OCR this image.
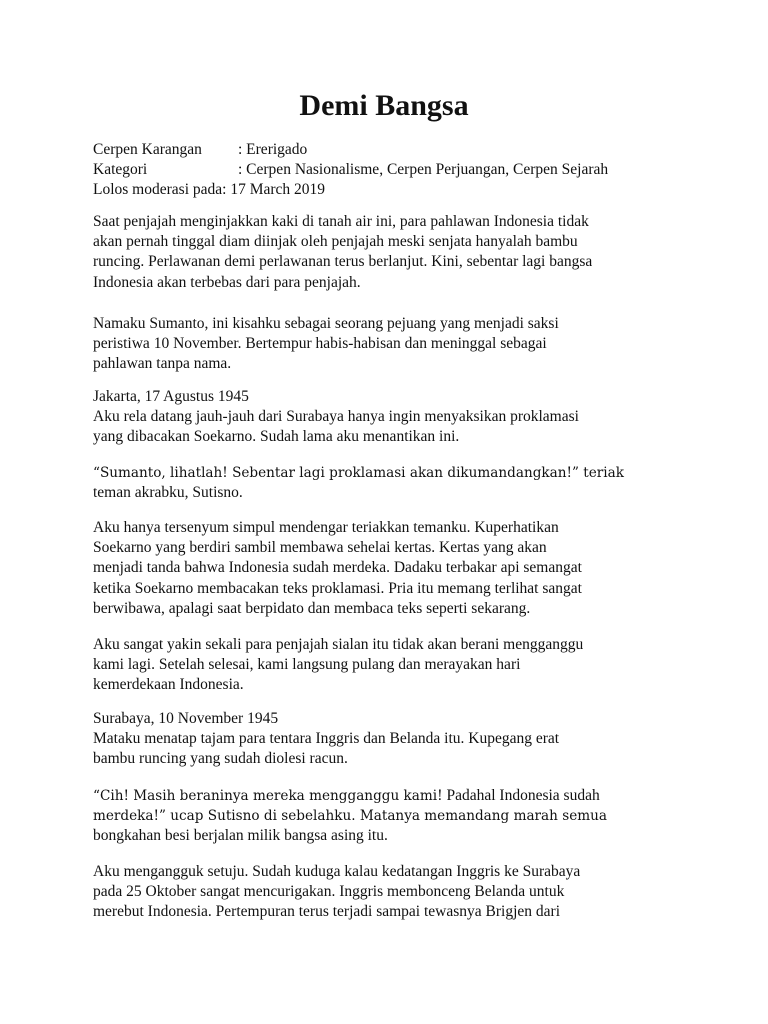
Demi Bangsa
Cerpen Karangan	: Ererigado
Kategori	: Cerpen Nasionalisme, Cerpen Perjuangan, Cerpen Sejarah
Lolos moderasi pada: 17 March 2019

Saat penjajah menginjakkan kaki di tanah air ini, para pahlawan Indonesia tidak
akan pernah tinggal diam diinjak oleh penjajah meski senjata hanyalah bambu
runcing. Perlawanan demi perlawanan terus berlanjut. Kini, sebentar lagi bangsa
Indonesia akan terbebas dari para penjajah.

Namaku Sumanto, ini kisahku sebagai seorang pejuang yang menjadi saksi
peristiwa 10 November. Bertempur habis-habisan dan meninggal sebagai
pahlawan tanpa nama.

Jakarta, 17 Agustus 1945
Aku rela datang jauh-jauh dari Surabaya hanya ingin menyaksikan proklamasi
yang dibacakan Soekarno. Sudah lama aku menantikan ini.

“Sumanto, lihatlah! Sebentar lagi proklamasi akan dikumandangkan!” teriak
teman akrabku, Sutisno.

Aku hanya tersenyum simpul mendengar teriakkan temanku. Kuperhatikan
Soekarno yang berdiri sambil membawa sehelai kertas. Kertas yang akan
menjadi tanda bahwa Indonesia sudah merdeka. Dadaku terbakar api semangat
ketika Soekarno membacakan teks proklamasi. Pria itu memang terlihat sangat
berwibawa, apalagi saat berpidato dan membaca teks seperti sekarang.

Aku sangat yakin sekali para penjajah sialan itu tidak akan berani mengganggu
kami lagi. Setelah selesai, kami langsung pulang dan merayakan hari
kemerdekaan Indonesia.

Surabaya, 10 November 1945
Mataku menatap tajam para tentara Inggris dan Belanda itu. Kupegang erat
bambu runcing yang sudah diolesi racun.

“Cih! Masih beraninya mereka mengganggu kami! Padahal Indonesia sudah
merdeka!” ucap Sutisno di sebelahku. Matanya memandang marah semua
bongkahan besi berjalan milik bangsa asing itu.

Aku mengangguk setuju. Sudah kuduga kalau kedatangan Inggris ke Surabaya
pada 25 Oktober sangat mencurigakan. Inggris membonceng Belanda untuk
merebut Indonesia. Pertempuran terus terjadi sampai tewasnya Brigjen dari
